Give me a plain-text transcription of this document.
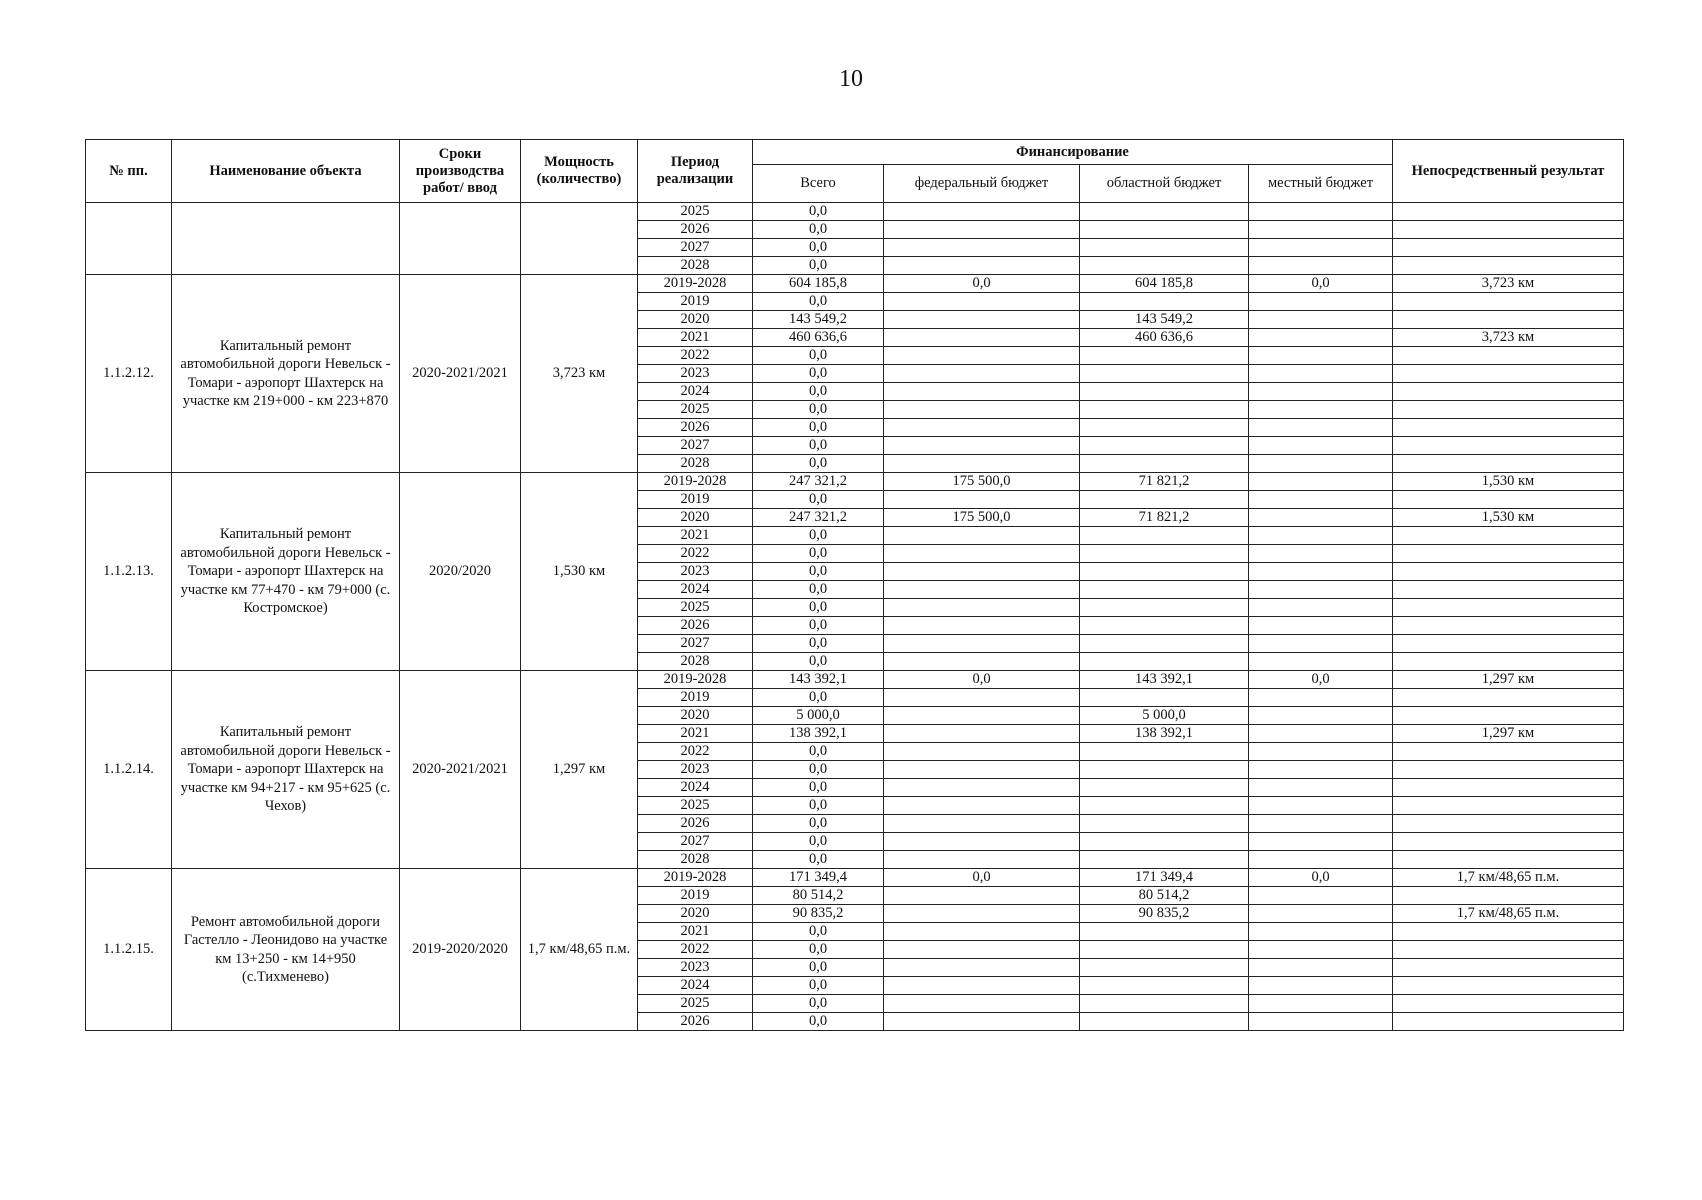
10
№ пп.	Наименование объекта	Сроки производства работ/ ввод	Мощность (количество)	Период реализации	Финансирование				Непосредственный результат
					Всего	федеральный бюджет	областной бюджет	местный бюджет	
				2025	0,0				
				2026	0,0				
				2027	0,0				
				2028	0,0				
1.1.2.12.	Капитальный ремонт автомобильной дороги Невельск - Томари - аэропорт Шахтерск на участке км 219+000 - км 223+870	2020-2021/2021	3,723 км	2019-2028	604 185,8	0,0	604 185,8	0,0	3,723 км
				2019	0,0				
				2020	143 549,2		143 549,2		
				2021	460 636,6		460 636,6		3,723 км
				2022	0,0				
				2023	0,0				
				2024	0,0				
				2025	0,0				
				2026	0,0				
				2027	0,0				
				2028	0,0				
1.1.2.13.	Капитальный ремонт автомобильной дороги Невельск - Томари - аэропорт Шахтерск на участке км 77+470 - км 79+000 (с. Костромское)	2020/2020	1,530 км	2019-2028	247 321,2	175 500,0	71 821,2		1,530 км
				2019	0,0				
				2020	247 321,2	175 500,0	71 821,2		1,530 км
				2021	0,0				
				2022	0,0				
				2023	0,0				
				2024	0,0				
				2025	0,0				
				2026	0,0				
				2027	0,0				
				2028	0,0				
1.1.2.14.	Капитальный ремонт автомобильной дороги Невельск - Томари - аэропорт Шахтерск на участке км 94+217 - км 95+625 (с. Чехов)	2020-2021/2021	1,297 км	2019-2028	143 392,1	0,0	143 392,1	0,0	1,297 км
				2019	0,0				
				2020	5 000,0		5 000,0		
				2021	138 392,1		138 392,1		1,297 км
				2022	0,0				
				2023	0,0				
				2024	0,0				
				2025	0,0				
				2026	0,0				
				2027	0,0				
				2028	0,0				
1.1.2.15.	Ремонт автомобильной дороги Гастелло - Леонидово на участке км 13+250 - км 14+950 (с.Тихменево)	2019-2020/2020	1,7 км/48,65 п.м.	2019-2028	171 349,4	0,0	171 349,4	0,0	1,7 км/48,65 п.м.
				2019	80 514,2		80 514,2		
				2020	90 835,2		90 835,2		1,7 км/48,65 п.м.
				2021	0,0				
				2022	0,0				
				2023	0,0				
				2024	0,0				
				2025	0,0				
				2026	0,0				
